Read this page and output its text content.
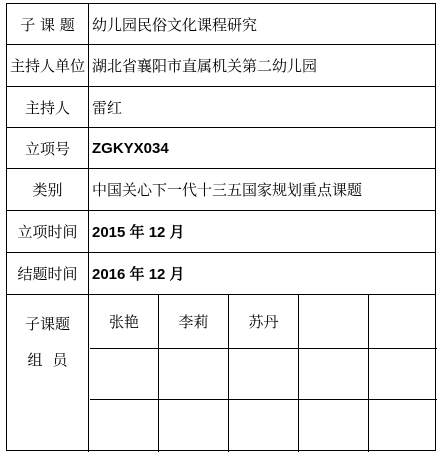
子 课 题 幼儿园民俗文化课程研究
主持人单位 湖北省襄阳市直属机关第二幼儿园
主持人	雷红
立项号	ZGKYX034
类别	中国关心下一代十三五国家规划重点课题
立项时间 2015 年 12 月
结题时间 2016 年 12 月
子课题
组员
张艳	李莉	苏丹
